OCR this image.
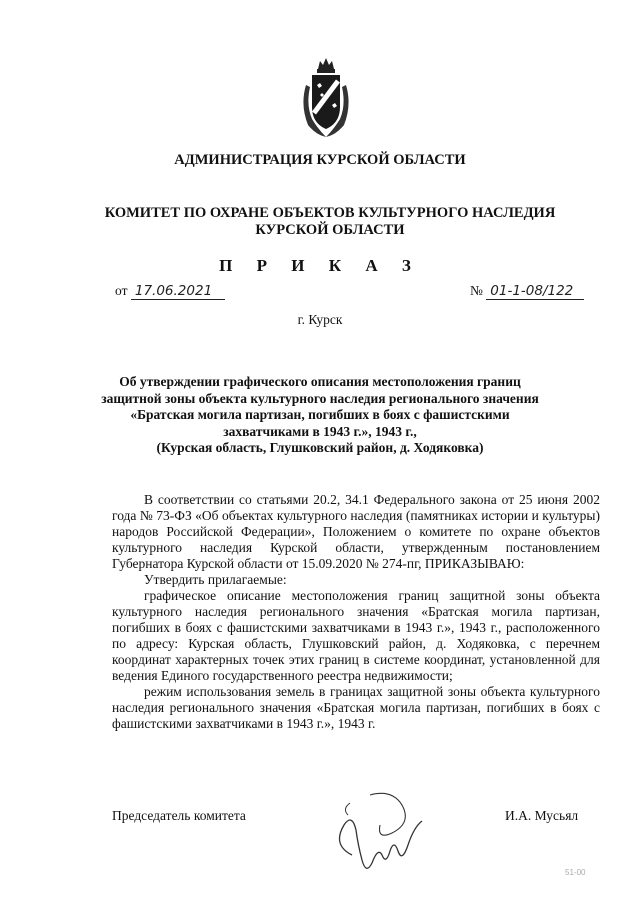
АДМИНИСТРАЦИЯ КУРСКОЙ ОБЛАСТИ
КОМИТЕТ ПО ОХРАНЕ ОБЪЕКТОВ КУЛЬТУРНОГО НАСЛЕДИЯ
КУРСКОЙ ОБЛАСТИ
П Р И К А З
от 17.06.2021	№ 01-1-08/122
г. Курск
Об утверждении графического описания местоположения границ
защитной зоны объекта культурного наследия регионального значения
«Братская могила партизан, погибших в боях с фашистскими
захватчиками в 1943 г.», 1943 г.,
(Курская область, Глушковский район, д. Ходяковка)

В соответствии со статьями 20.2, 34.1 Федерального закона от 25 июня 2002 года № 73-ФЗ «Об объектах культурного наследия (памятниках истории и культуры) народов Российской Федерации», Положением о комитете по охране объектов культурного наследия Курской области, утвержденным постановлением Губернатора Курской области от 15.09.2020 № 274-пг, ПРИКАЗЫВАЮ:

Утвердить прилагаемые:

графическое описание местоположения границ защитной зоны объекта культурного наследия регионального значения «Братская могила партизан, погибших в боях с фашистскими захватчиками в 1943 г.», 1943 г., расположенного по адресу: Курская область, Глушковский район, д. Ходяковка, с перечнем координат характерных точек этих границ в системе координат, установленной для ведения Единого государственного реестра недвижимости;

режим использования земель в границах защитной зоны объекта культурного наследия регионального значения «Братская могила партизан, погибших в боях с фашистскими захватчиками в 1943 г.», 1943 г.

Председатель комитета	И.А. Мусьял
51-00
